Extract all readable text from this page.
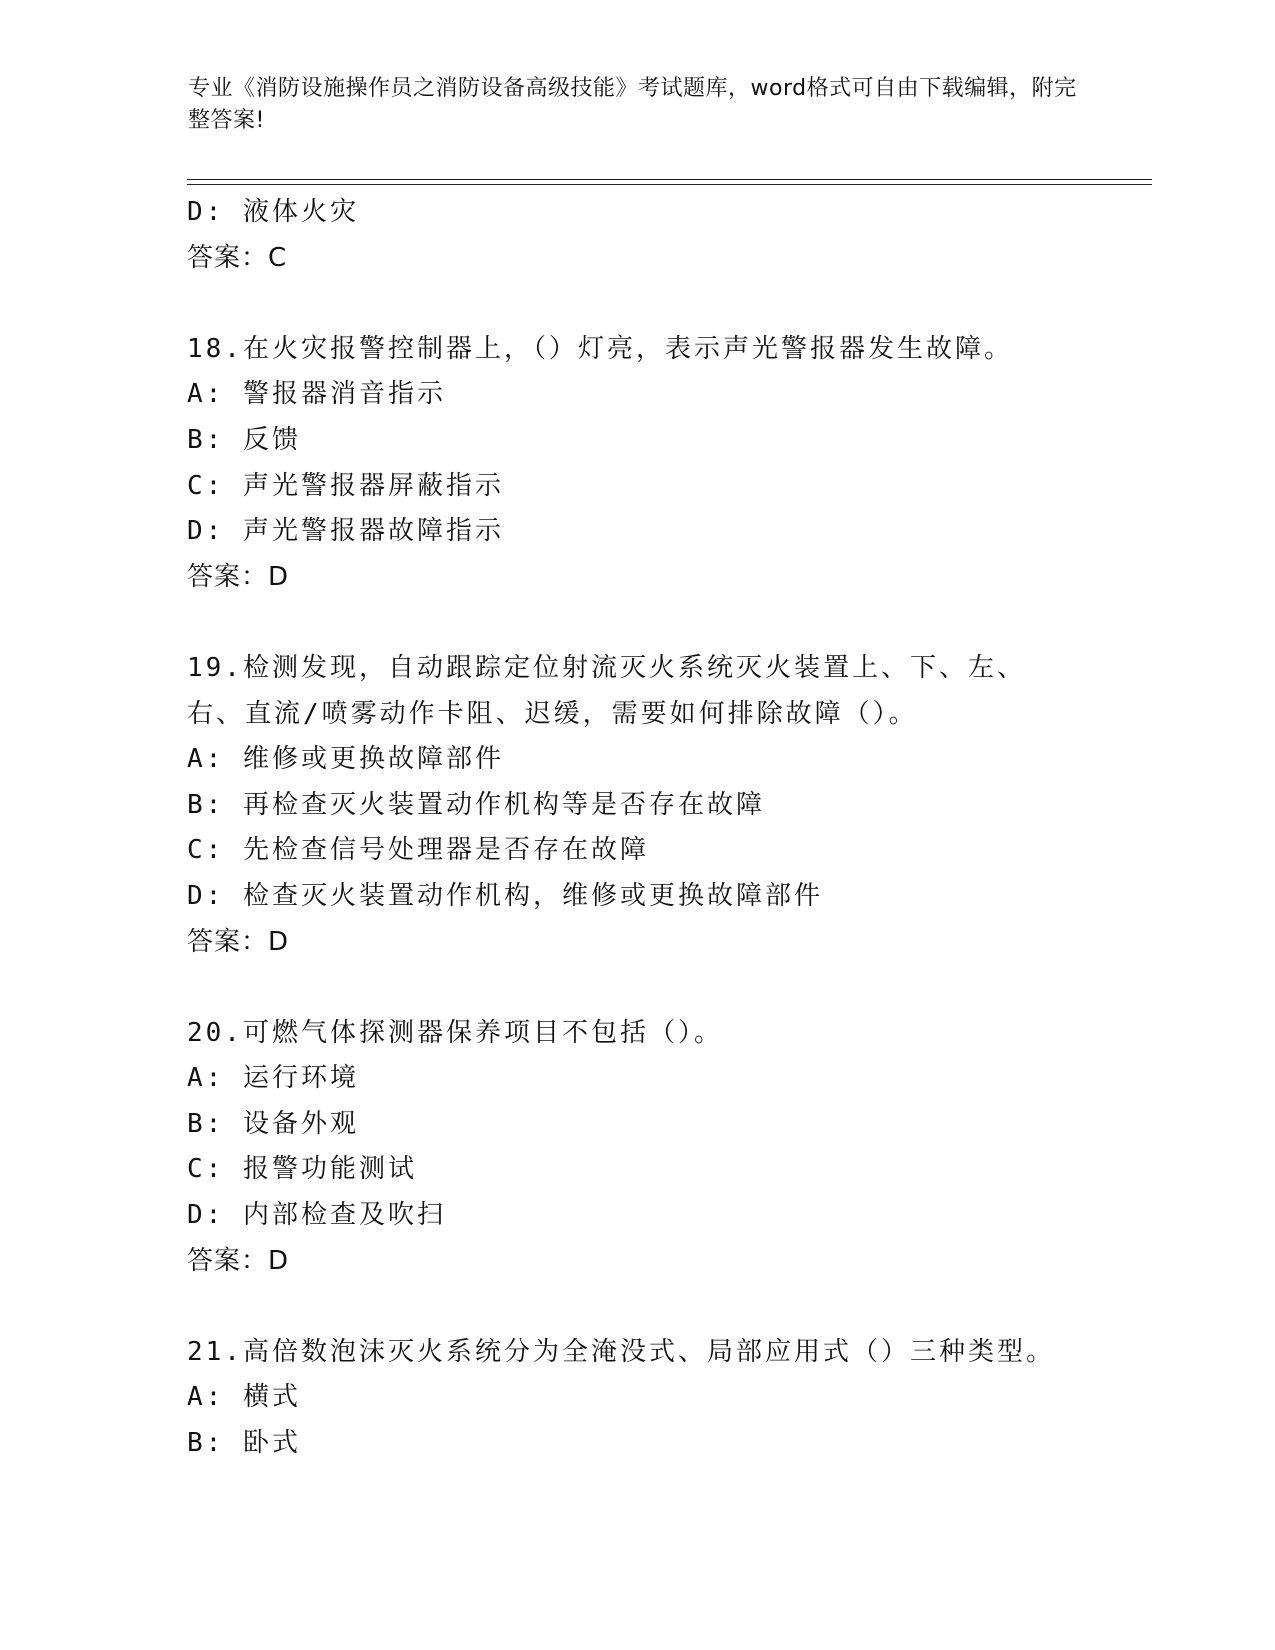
专业《消防设施操作员之消防设备高级技能》考试题库，word格式可自由下载编辑，附完整答案!
D: 液体火灾
答案：C
18.在火灾报警控制器上，（）灯亮，表示声光警报器发生故障。
A: 警报器消音指示
B: 反馈
C: 声光警报器屏蔽指示
D: 声光警报器故障指示
答案：D
19.检测发现，自动跟踪定位射流灭火系统灭火装置上、下、左、右、直流/喷雾动作卡阻、迟缓，需要如何排除故障（）。
A: 维修或更换故障部件
B: 再检查灭火装置动作机构等是否存在故障
C: 先检查信号处理器是否存在故障
D: 检查灭火装置动作机构，维修或更换故障部件
答案：D
20.可燃气体探测器保养项目不包括（）。
A: 运行环境
B: 设备外观
C: 报警功能测试
D: 内部检查及吹扫
答案：D
21.高倍数泡沫灭火系统分为全淹没式、局部应用式（）三种类型。
A: 横式
B: 卧式
